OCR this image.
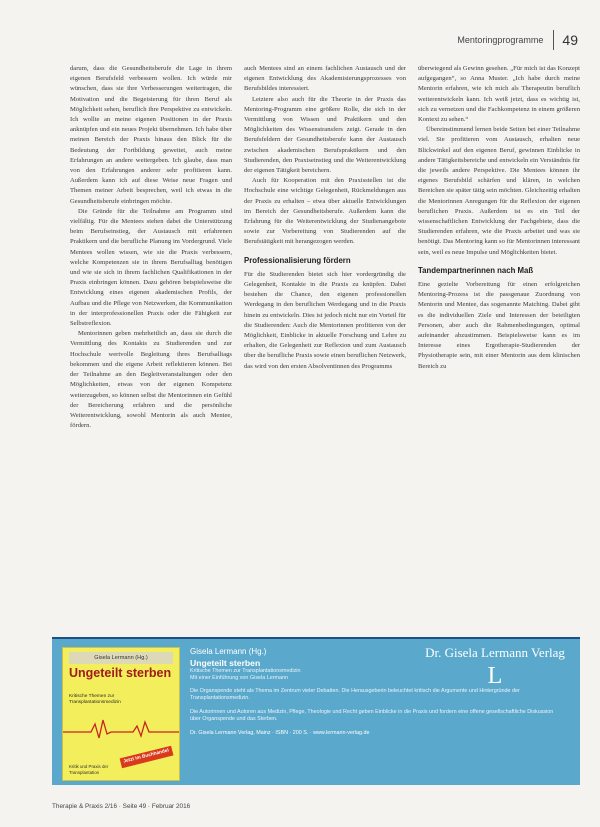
Mentoringprogramme 49

darum, dass die Gesundheitsberufe die Lage in ihrem eigenen Berufsfeld verbessern wollen. Ich würde mir wünschen, dass sie ihre Verbesserungen weitertragen, die Motivation und die Begeisterung für ihren Beruf als Möglichkeit sehen, beruflich ihre Perspektive zu entwickeln. Ich wollte an meine eigenen Positionen in der Praxis anknüpfen und ein neues Projekt übernehmen. Ich habe über meinen Bereich der Praxis hinaus den Blick für die Bedeutung der Fortbildung geweitet, auch meine Erfahrungen an andere weitergeben. Ich glaube, dass man von den Erfahrungen anderer sehr profitieren kann. Außerdem kann ich auf diese Weise neue Fragen und Themen meiner Arbeit besprechen, weil ich etwas in die Gesundheitsberufe einbringen möchte.

Die Gründe für die Teilnahme am Programm sind vielfältig. Für die Mentees stehen dabei die Unterstützung beim Berufseinstieg, der Austausch mit erfahrenen Praktikern und die berufliche Planung im Vordergrund. Viele Mentees wollen wissen, wie sie die Praxis verbessern, welche Kompetenzen sie in ihrem Berufsalltag benötigen und wie sie sich in ihrem fachlichen Qualifikationen in der Praxis einbringen können. Dazu gehören beispielsweise die Entwicklung eines eigenen akademischen Profils, der Aufbau und die Pflege von Netzwerken, die Kommunikation in der interprofessionellen Praxis oder die Fähigkeit zur Selbstreflexion.

Mentorinnen geben mehrheitlich an, dass sie durch die Vermittlung des Kontakts zu Studierenden und zur Hochschule wertvolle Begleitung ihres Berufsalltags bekommen und die eigene Arbeit reflektieren können. Bei der Teilnahme an den Begleitveranstaltungen oder den Möglichkeiten, etwas von der eigenen Kompetenz weiterzugeben, so können selbst die Mentorinnen ein Gefühl der Bereicherung erfahren und die persönliche Weiterentwicklung, sowohl Mentorin als auch Mentee, fördern.

auch Mentees sind an einem fachlichen Austausch und der eigenen Entwicklung des Akademisierungsprozesses von Berufsbildes interessiert.

Letztere also auch für die Theorie in der Praxis das Mentoring-Programm eine größere Rolle, die sich in der Vermittlung von Wissen und Praktikern und den Möglichkeiten des Wissenstransfers zeigt. Gerade in den Berufsfeldern der Gesundheitsberufe kann der Austausch zwischen akademischen Berufspraktikern und den Studierenden, den Praxiseinstieg und die Weiterentwicklung der eigenen Tätigkeit bereichern.

Auch für Kooperation mit den Praxisstellen ist die Hochschule eine wichtige Gelegenheit, Rückmeldungen aus der Praxis zu erhalten – etwa über aktuelle Entwicklungen im Bereich der Gesundheitsberufe. Außerdem kann die Erfahrung für die Weiterentwicklung der Studienangebote sowie zur Vorbereitung von Studierenden auf die Berufstätigkeit mit herangezogen werden.

Professionalisierung fördern

Für die Studierenden bietet sich hier vordergründig die Gelegenheit, Kontakte in die Praxis zu knüpfen. Dabei bestehen die Chance, den eigenen professionellen Werdegang in den beruflichen Werdegang und in die Praxis hinein zu entwickeln. Dies ist jedoch nicht nur ein Vorteil für die Studierenden: Auch die Mentorinnen profitieren von der Möglichkeit, Einblicke in aktuelle Forschung und Lehre zu erhalten, die Gelegenheit zur Reflexion und zum Austausch über die berufliche Praxis sowie einen beruflichen Netzwerk, das wird von den ersten Absolventinnen des Programms

überwiegend als Gewinn gesehen. „Für mich ist das Konzept aufgegangen“, so Anna Muster. „Ich habe durch meine Mentorin erfahren, wie ich mich als Therapeutin beruflich weiterentwickeln kann. Ich weiß jetzt, dass es wichtig ist, sich zu vernetzen und die Fachkompetenz in einem größeren Kontext zu sehen.“

Übereinstimmend lernen beide Seiten bei einer Teilnahme viel. Sie profitieren vom Austausch, erhalten neue Blickwinkel auf den eigenen Beruf, gewinnen Einblicke in andere Tätigkeitsbereiche und entwickeln ein Verständnis für die jeweils andere Perspektive. Die Mentees können ihr eigenes Berufsbild schärfen und klären, in welchen Bereichen sie später tätig sein möchten. Gleichzeitig erhalten die Mentorinnen Anregungen für die Reflexion der eigenen beruflichen Praxis. Außerdem ist es ein Teil der wissenschaftlichen Entwicklung der Fachgebiete, dass die Studierenden erfahren, wie die Praxis arbeitet und was sie benötigt. Das Mentoring kann so für Mentorinnen interessant sein, weil es neue Impulse und Möglichkeiten bietet.

Tandempartnerinnen nach Maß

Eine gezielte Vorbereitung für einen erfolgreichen Mentoring-Prozess ist die passgenaue Zuordnung von Mentorin und Mentee, das sogenannte Matching. Dabei gibt es die individuellen Ziele und Interessen der beteiligten Personen, aber auch die Rahmenbedingungen, optimal aufeinander abzustimmen. Beispielsweise kann es im Interesse eines Ergotherapie-Studierenden der Physiotherapie sein, mit einer Mentorin aus dem klinischen Bereich zu

Gisela Lermann (Hg.)
Ungeteilt sterben
Kritische Themen zur Transplantationsmedizin
Kritik und Praxis der Transplantation
Jetzt im Buchhandel
Gisela Lermann (Hg.)
Ungeteilt sterben
Kritische Themen zur Transplantationsmedizin
Mit einer Einführung von Gisela Lermann
Die Organspende steht als Thema im Zentrum vieler Debatten. Die Herausgeberin beleuchtet kritisch die Argumente und Hintergründe der Transplantationsmedizin.
Die Autorinnen und Autoren aus Medizin, Pflege, Theologie und Recht geben Einblicke in die Praxis und fordern eine offene gesellschaftliche Diskussion über Organspende und das Sterben.
Dr. Gisela Lermann Verlag, Mainz · ISBN · 200 S. · www.lermann-verlag.de
Dr. Gisela Lermann Verlag
L
Therapie & Praxis 2/16 · Seite 49 · Februar 2016
